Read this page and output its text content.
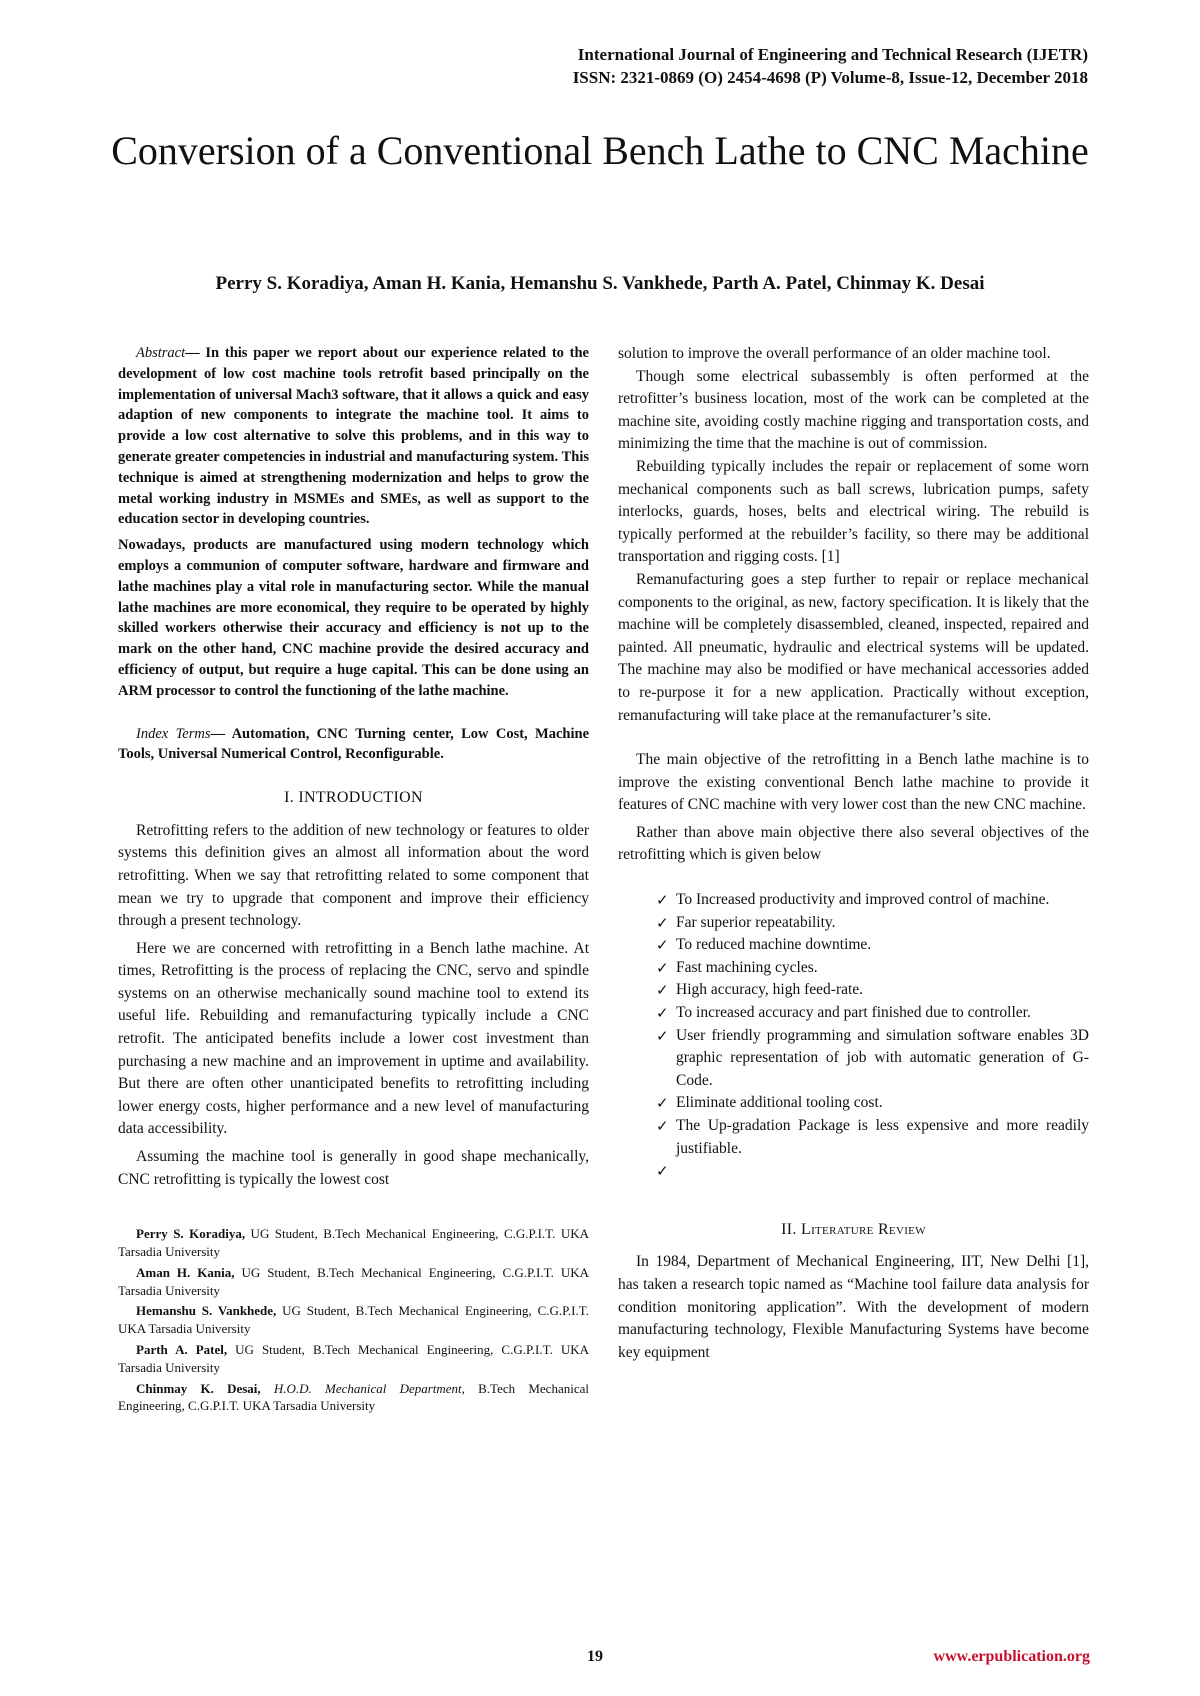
International Journal of Engineering and Technical Research (IJETR)
ISSN: 2321-0869 (O) 2454-4698 (P) Volume-8, Issue-12, December 2018
Conversion of a Conventional Bench Lathe to CNC Machine
Perry S. Koradiya, Aman H. Kania, Hemanshu S. Vankhede, Parth A. Patel, Chinmay K. Desai

Abstract— In this paper we report about our experience related to the development of low cost machine tools retrofit based principally on the implementation of universal Mach3 software, that it allows a quick and easy adaption of new components to integrate the machine tool. It aims to provide a low cost alternative to solve this problems, and in this way to generate greater competencies in industrial and manufacturing system. This technique is aimed at strengthening modernization and helps to grow the metal working industry in MSMEs and SMEs, as well as support to the education sector in developing countries.

Nowadays, products are manufactured using modern technology which employs a communion of computer software, hardware and firmware and lathe machines play a vital role in manufacturing sector. While the manual lathe machines are more economical, they require to be operated by highly skilled workers otherwise their accuracy and efficiency is not up to the mark on the other hand, CNC machine provide the desired accuracy and efficiency of output, but require a huge capital. This can be done using an ARM processor to control the functioning of the lathe machine.

Index Terms— Automation, CNC Turning center, Low Cost, Machine Tools, Universal Numerical Control, Reconfigurable.

I. INTRODUCTION

Retrofitting refers to the addition of new technology or features to older systems this definition gives an almost all information about the word retrofitting. When we say that retrofitting related to some component that mean we try to upgrade that component and improve their efficiency through a present technology.

Here we are concerned with retrofitting in a Bench lathe machine. At times, Retrofitting is the process of replacing the CNC, servo and spindle systems on an otherwise mechanically sound machine tool to extend its useful life. Rebuilding and remanufacturing typically include a CNC retrofit. The anticipated benefits include a lower cost investment than purchasing a new machine and an improvement in uptime and availability. But there are often other unanticipated benefits to retrofitting including lower energy costs, higher performance and a new level of manufacturing data accessibility.

Assuming the machine tool is generally in good shape mechanically, CNC retrofitting is typically the lowest cost

Perry S. Koradiya, UG Student, B.Tech Mechanical Engineering, C.G.P.I.T. UKA Tarsadia University

Aman H. Kania, UG Student, B.Tech Mechanical Engineering, C.G.P.I.T. UKA Tarsadia University

Hemanshu S. Vankhede, UG Student, B.Tech Mechanical Engineering, C.G.P.I.T. UKA Tarsadia University

Parth A. Patel, UG Student, B.Tech Mechanical Engineering, C.G.P.I.T. UKA Tarsadia University

Chinmay K. Desai, H.O.D. Mechanical Department, B.Tech Mechanical Engineering, C.G.P.I.T. UKA Tarsadia University

solution to improve the overall performance of an older machine tool.

Though some electrical subassembly is often performed at the retrofitter’s business location, most of the work can be completed at the machine site, avoiding costly machine rigging and transportation costs, and minimizing the time that the machine is out of commission.

Rebuilding typically includes the repair or replacement of some worn mechanical components such as ball screws, lubrication pumps, safety interlocks, guards, hoses, belts and electrical wiring. The rebuild is typically performed at the rebuilder’s facility, so there may be additional transportation and rigging costs. [1]

Remanufacturing goes a step further to repair or replace mechanical components to the original, as new, factory specification. It is likely that the machine will be completely disassembled, cleaned, inspected, repaired and painted. All pneumatic, hydraulic and electrical systems will be updated. The machine may also be modified or have mechanical accessories added to re-purpose it for a new application. Practically without exception, remanufacturing will take place at the remanufacturer’s site.

The main objective of the retrofitting in a Bench lathe machine is to improve the existing conventional Bench lathe machine to provide it features of CNC machine with very lower cost than the new CNC machine.

Rather than above main objective there also several objectives of the retrofitting which is given below

✓ To Increased productivity and improved control of machine.
✓ Far superior repeatability.
✓ To reduced machine downtime.
✓ Fast machining cycles.
✓ High accuracy, high feed-rate.
✓ To increased accuracy and part finished due to controller.
✓ User friendly programming and simulation software enables 3D graphic representation of job with automatic generation of G-Code.
✓ Eliminate additional tooling cost.
✓ The Up-gradation Package is less expensive and more readily justifiable.
✓

II. Literature Review

In 1984, Department of Mechanical Engineering, IIT, New Delhi [1], has taken a research topic named as “Machine tool failure data analysis for condition monitoring application”. With the development of modern manufacturing technology, Flexible Manufacturing Systems have become key equipment

19	www.erpublication.org
